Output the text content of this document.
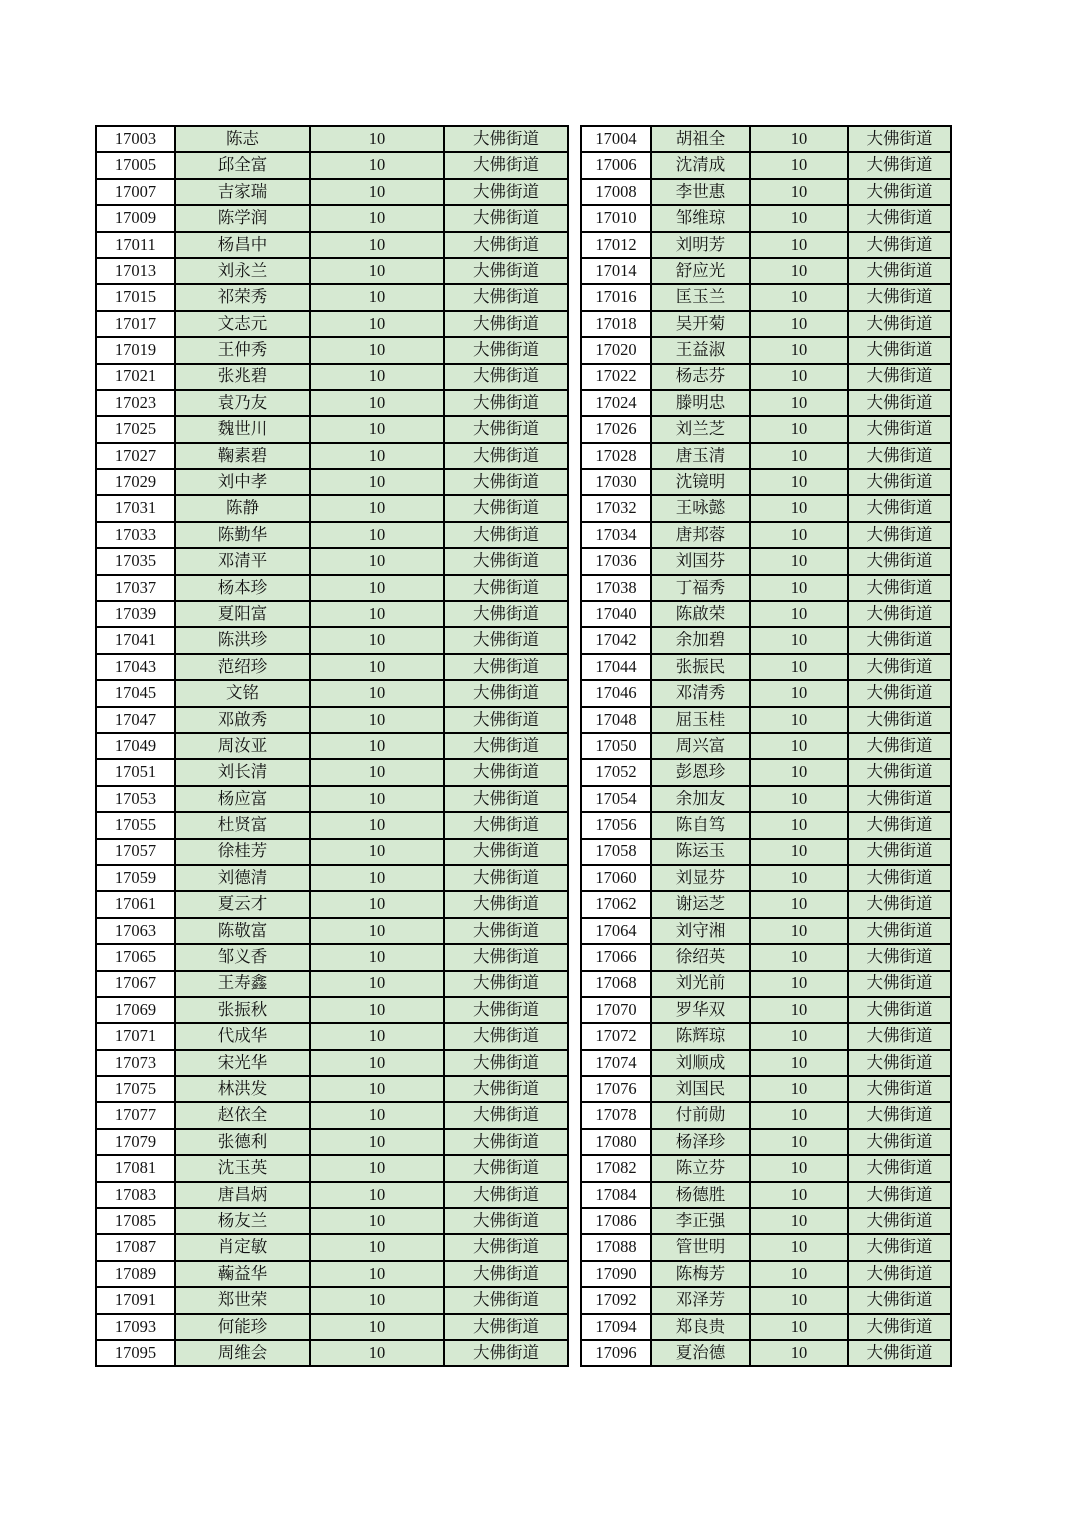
17003	陈志	10	大佛街道
17005	邱全富	10	大佛街道
17007	吉家瑞	10	大佛街道
17009	陈学润	10	大佛街道
17011	杨昌中	10	大佛街道
17013	刘永兰	10	大佛街道
17015	祁荣秀	10	大佛街道
17017	文志元	10	大佛街道
17019	王仲秀	10	大佛街道
17021	张兆碧	10	大佛街道
17023	袁乃友	10	大佛街道
17025	魏世川	10	大佛街道
17027	鞠素碧	10	大佛街道
17029	刘中孝	10	大佛街道
17031	陈静	10	大佛街道
17033	陈勤华	10	大佛街道
17035	邓清平	10	大佛街道
17037	杨本珍	10	大佛街道
17039	夏阳富	10	大佛街道
17041	陈洪珍	10	大佛街道
17043	范绍珍	10	大佛街道
17045	文铭	10	大佛街道
17047	邓啟秀	10	大佛街道
17049	周汝亚	10	大佛街道
17051	刘长清	10	大佛街道
17053	杨应富	10	大佛街道
17055	杜贤富	10	大佛街道
17057	徐桂芳	10	大佛街道
17059	刘德清	10	大佛街道
17061	夏云才	10	大佛街道
17063	陈敬富	10	大佛街道
17065	邹义香	10	大佛街道
17067	王寿鑫	10	大佛街道
17069	张振秋	10	大佛街道
17071	代成华	10	大佛街道
17073	宋光华	10	大佛街道
17075	林洪发	10	大佛街道
17077	赵依全	10	大佛街道
17079	张德利	10	大佛街道
17081	沈玉英	10	大佛街道
17083	唐昌炳	10	大佛街道
17085	杨友兰	10	大佛街道
17087	肖定敏	10	大佛街道
17089	蘜益华	10	大佛街道
17091	郑世荣	10	大佛街道
17093	何能珍	10	大佛街道
17095	周维会	10	大佛街道
17004	胡祖全	10	大佛街道
17006	沈清成	10	大佛街道
17008	李世惠	10	大佛街道
17010	邹维琼	10	大佛街道
17012	刘明芳	10	大佛街道
17014	舒应光	10	大佛街道
17016	匡玉兰	10	大佛街道
17018	吴开菊	10	大佛街道
17020	王益淑	10	大佛街道
17022	杨志芬	10	大佛街道
17024	滕明忠	10	大佛街道
17026	刘兰芝	10	大佛街道
17028	唐玉清	10	大佛街道
17030	沈镜明	10	大佛街道
17032	王咏懿	10	大佛街道
17034	唐邦蓉	10	大佛街道
17036	刘国芬	10	大佛街道
17038	丁福秀	10	大佛街道
17040	陈啟荣	10	大佛街道
17042	余加碧	10	大佛街道
17044	张振民	10	大佛街道
17046	邓清秀	10	大佛街道
17048	屈玉桂	10	大佛街道
17050	周兴富	10	大佛街道
17052	彭恩珍	10	大佛街道
17054	余加友	10	大佛街道
17056	陈自笃	10	大佛街道
17058	陈运玉	10	大佛街道
17060	刘显芬	10	大佛街道
17062	谢运芝	10	大佛街道
17064	刘守湘	10	大佛街道
17066	徐绍英	10	大佛街道
17068	刘光前	10	大佛街道
17070	罗华双	10	大佛街道
17072	陈辉琼	10	大佛街道
17074	刘顺成	10	大佛街道
17076	刘国民	10	大佛街道
17078	付前勋	10	大佛街道
17080	杨泽珍	10	大佛街道
17082	陈立芬	10	大佛街道
17084	杨德胜	10	大佛街道
17086	李正强	10	大佛街道
17088	管世明	10	大佛街道
17090	陈梅芳	10	大佛街道
17092	邓泽芳	10	大佛街道
17094	郑良贵	10	大佛街道
17096	夏治德	10	大佛街道
